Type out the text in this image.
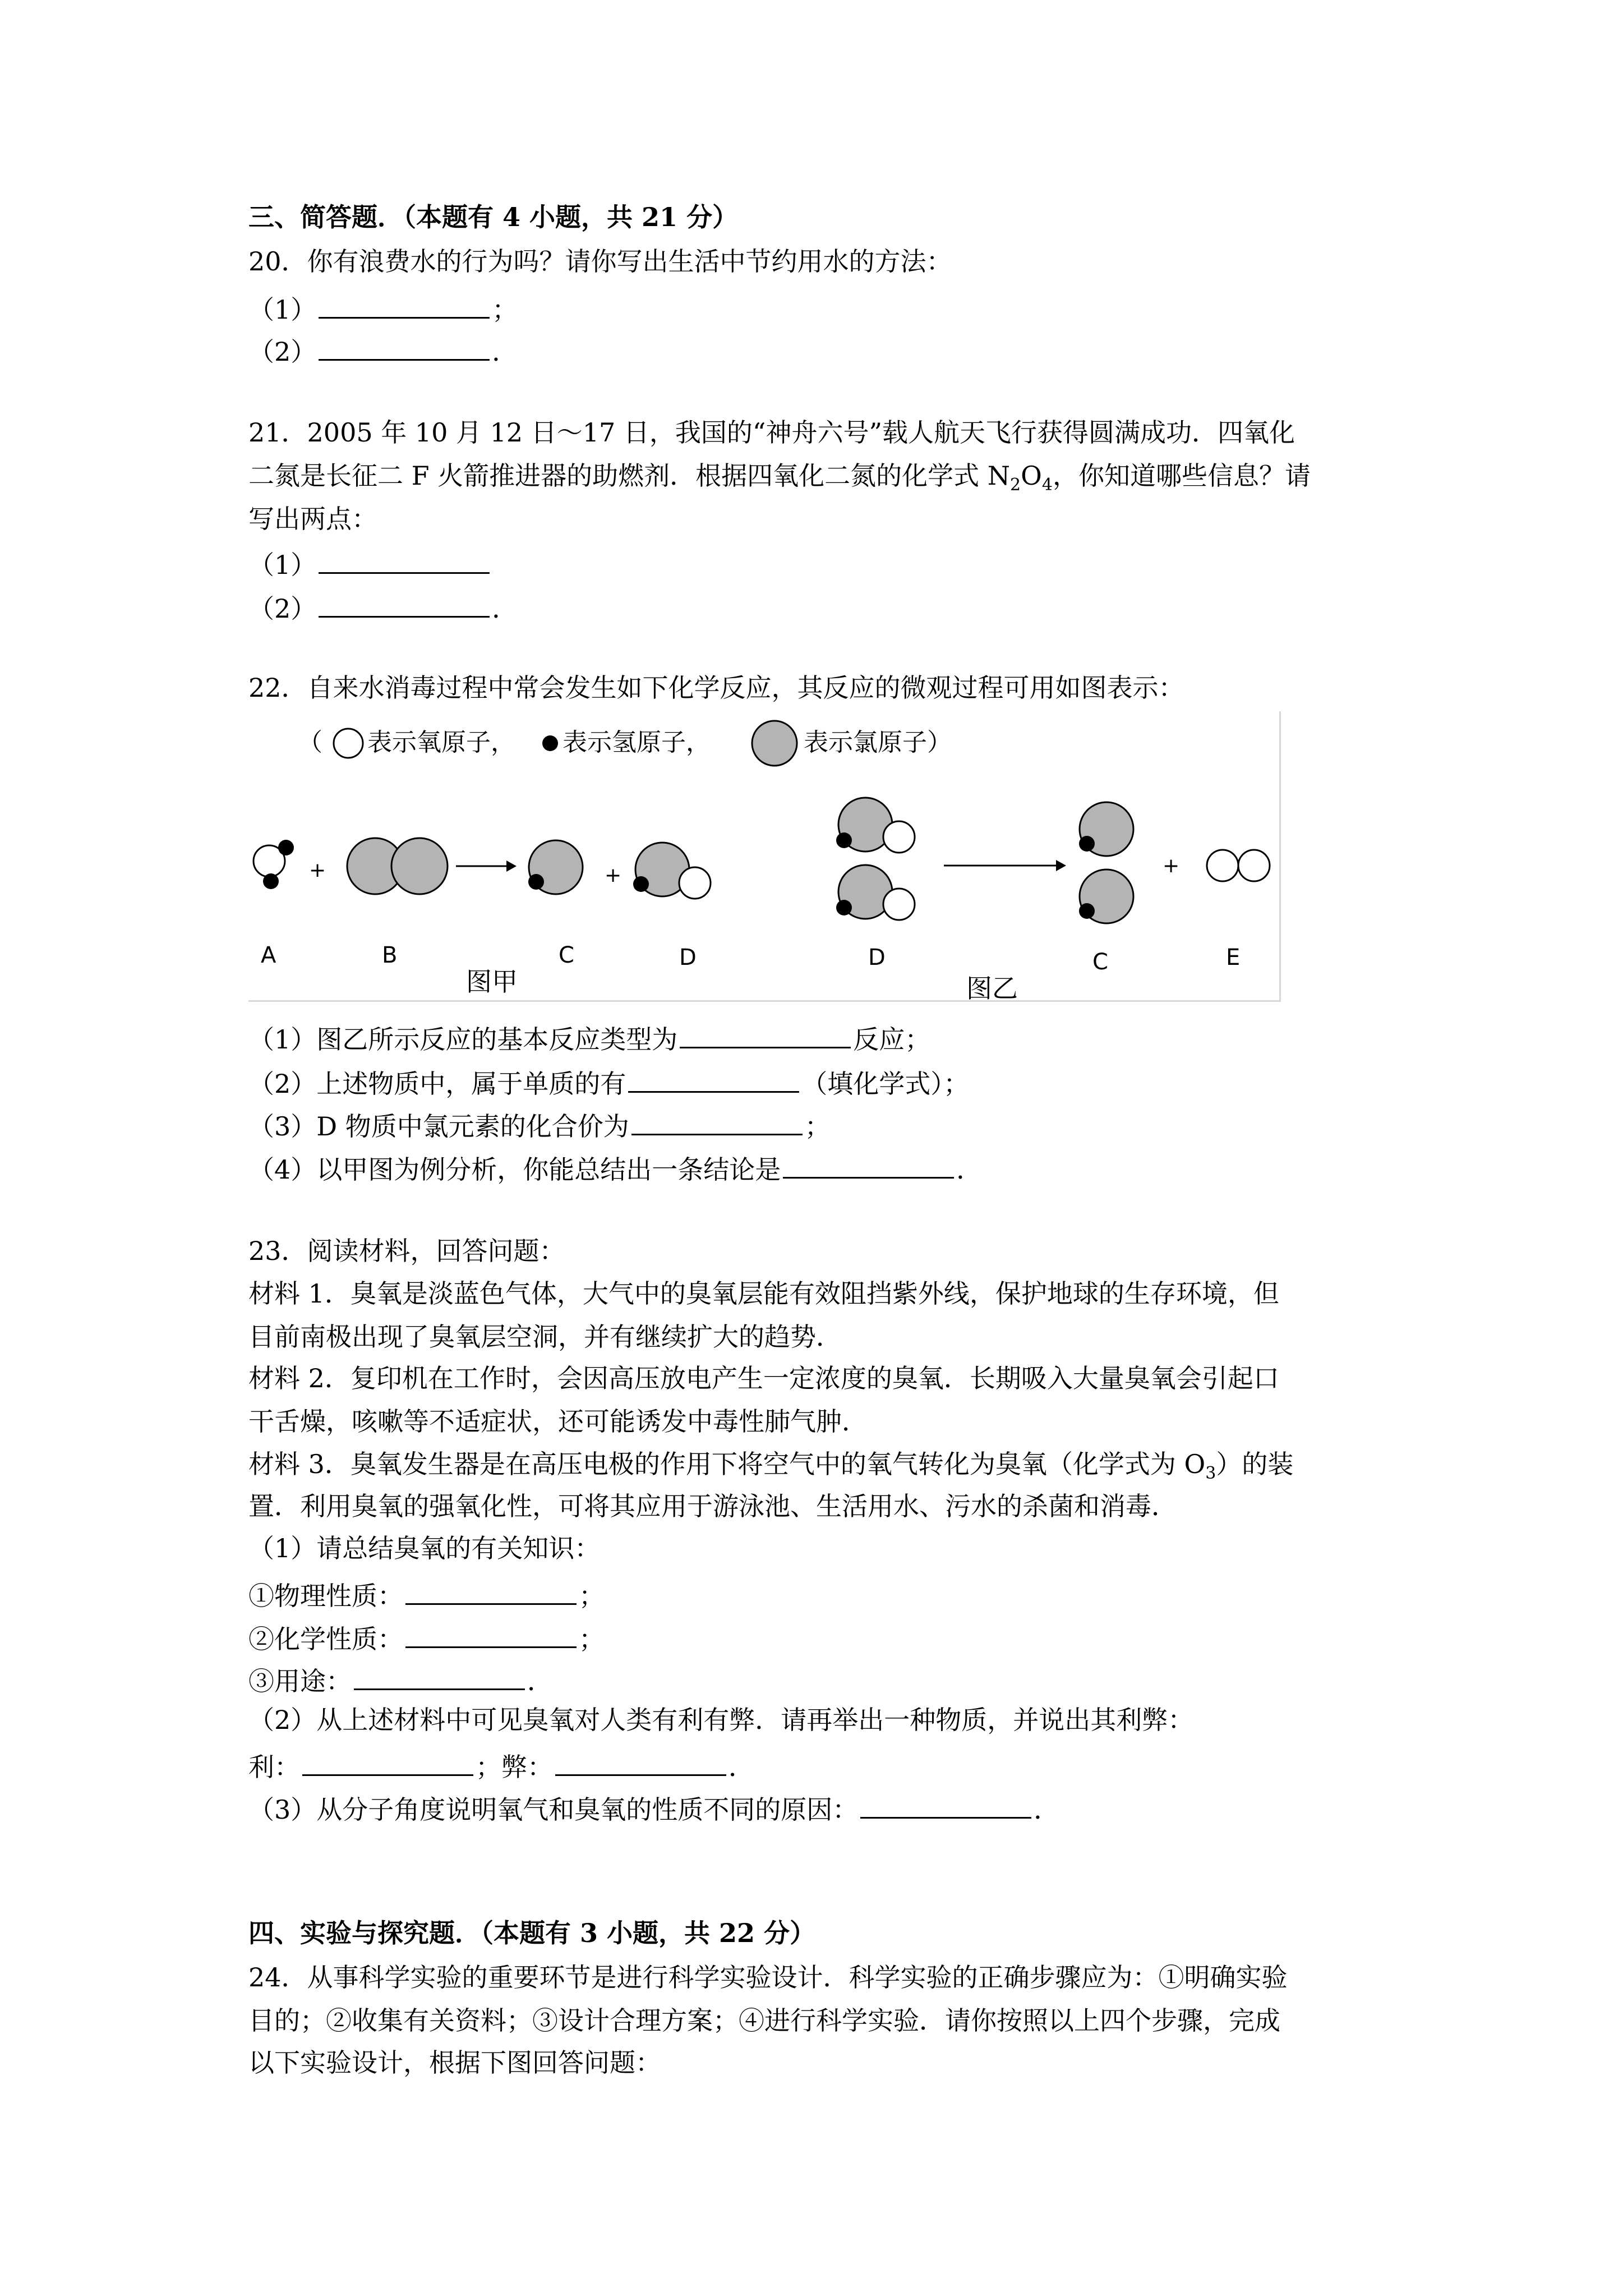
三、简答题．（本题有 4 小题，共 21 分）
20．你有浪费水的行为吗？请你写出生活中节约用水的方法：
（1）	；
（2）	．
21．2005 年 10 月 12 日～17 日，我国的“神舟六号”载人航天飞行获得圆满成功．四氧化
二氮是长征二 F 火箭推进器的助燃剂．根据四氧化二氮的化学式 $N_2O_4$，你知道哪些信息？请
写出两点：
（1）
（2）	．
22．自来水消毒过程中常会发生如下化学反应，其反应的微观过程可用如图表示：
（ 表示氧原子， 表示氢原子，	表示氯原子）
+	+	+
A	B	C	D
图甲
D
图乙
C	E
（1）图乙所示反应的基本反应类型为	反应；
（2）上述物质中，属于单质的有	（填化学式）；
（3）D 物质中氯元素的化合价为	；
（4）以甲图为例分析，你能总结出一条结论是	．
23．阅读材料，回答问题：
材料 1．臭氧是淡蓝色气体，大气中的臭氧层能有效阻挡紫外线，保护地球的生存环境，但
目前南极出现了臭氧层空洞，并有继续扩大的趋势．
材料 2．复印机在工作时，会因高压放电产生一定浓度的臭氧．长期吸入大量臭氧会引起口
干舌燥，咳嗽等不适症状，还可能诱发中毒性肺气肿．
材料 3．臭氧发生器是在高压电极的作用下将空气中的氧气转化为臭氧（化学式为 $O_3$）的装
置．利用臭氧的强氧化性，可将其应用于游泳池、生活用水、污水的杀菌和消毒．
（1）请总结臭氧的有关知识：
①物理性质：	；
②化学性质：	；
③用途：	．
（2）从上述材料中可见臭氧对人类有利有弊．请再举出一种物质，并说出其利弊：
利：	；弊：	．
（3）从分子角度说明氧气和臭氧的性质不同的原因：	．
四、实验与探究题．（本题有 3 小题，共 22 分）
24．从事科学实验的重要环节是进行科学实验设计．科学实验的正确步骤应为：①明确实验
目的；②收集有关资料；③设计合理方案；④进行科学实验．请你按照以上四个步骤，完成
以下实验设计，根据下图回答问题：
